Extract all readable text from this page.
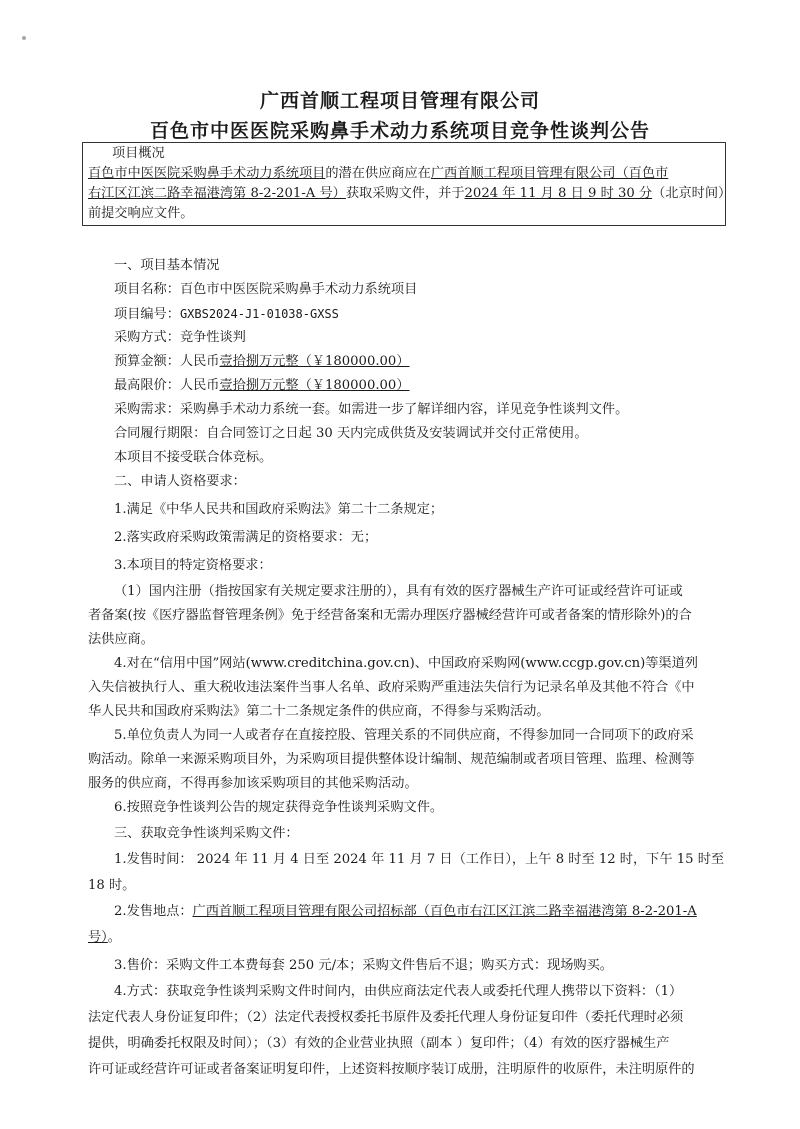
广西首顺工程项目管理有限公司
百色市中医医院采购鼻手术动力系统项目竞争性谈判公告
项目概况
百色市中医医院采购鼻手术动力系统项目的潜在供应商应在广西首顺工程项目管理有限公司（百色市
右江区江滨二路幸福港湾第 8-2-201-A 号）获取采购文件，并于2024 年 11 月 8 日 9 时 30 分（北京时间）
前提交响应文件。
一、项目基本情况
项目名称：百色市中医医院采购鼻手术动力系统项目
项目编号：GXBS2024-J1-01038-GXSS
采购方式：竞争性谈判
预算金额：人民币壹拾捌万元整（￥180000.00）
最高限价：人民币壹拾捌万元整（￥180000.00）
采购需求：采购鼻手术动力系统一套。如需进一步了解详细内容，详见竞争性谈判文件。
合同履行期限：自合同签订之日起 30 天内完成供货及安装调试并交付正常使用。
本项目不接受联合体竞标。
二、申请人资格要求：
1.满足《中华人民共和国政府采购法》第二十二条规定；
2.落实政府采购政策需满足的资格要求：无；
3.本项目的特定资格要求：
（1）国内注册（指按国家有关规定要求注册的），具有有效的医疗器械生产许可证或经营许可证或
者备案(按《医疗器监督管理条例》免于经营备案和无需办理医疗器械经营许可或者备案的情形除外)的合
法供应商。
4.对在“信用中国”网站(www.creditchina.gov.cn)、中国政府采购网(www.ccgp.gov.cn)等渠道列
入失信被执行人、重大税收违法案件当事人名单、政府采购严重违法失信行为记录名单及其他不符合《中
华人民共和国政府采购法》第二十二条规定条件的供应商，不得参与采购活动。
5.单位负责人为同一人或者存在直接控股、管理关系的不同供应商，不得参加同一合同项下的政府采
购活动。除单一来源采购项目外，为采购项目提供整体设计编制、规范编制或者项目管理、监理、检测等
服务的供应商，不得再参加该采购项目的其他采购活动。
6.按照竞争性谈判公告的规定获得竞争性谈判采购文件。
三、获取竞争性谈判采购文件：
1.发售时间： 2024 年 11 月 4 日至 2024 年 11 月 7 日（工作日），上午 8 时至 12 时，下午 15 时至
18 时。
2.发售地点：广西首顺工程项目管理有限公司招标部（百色市右江区江滨二路幸福港湾第 8-2-201-A
号）。
3.售价：采购文件工本费每套 250 元/本；采购文件售后不退；购买方式：现场购买。
4.方式：获取竞争性谈判采购文件时间内，由供应商法定代表人或委托代理人携带以下资料：（1）
法定代表人身份证复印件；（2）法定代表授权委托书原件及委托代理人身份证复印件（委托代理时必须
提供，明确委托权限及时间）；（3）有效的企业营业执照（副本 ）复印件；（4）有效的医疗器械生产
许可证或经营许可证或者备案证明复印件，上述资料按顺序装订成册，注明原件的收原件，未注明原件的
